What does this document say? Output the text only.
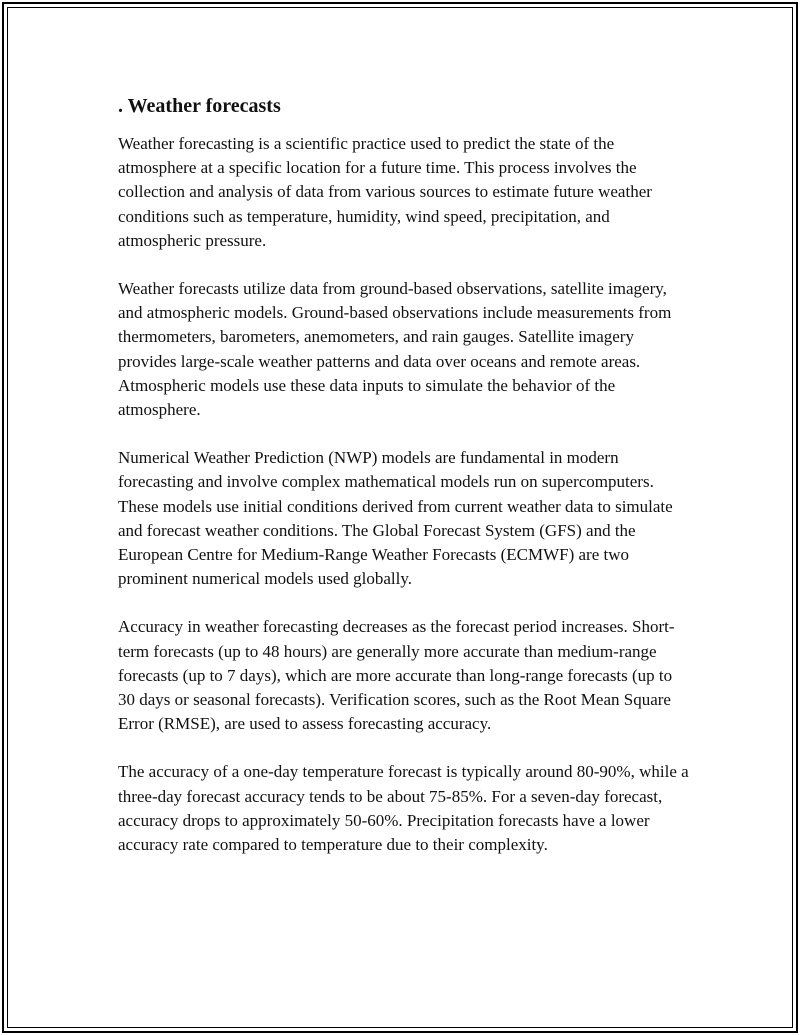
. Weather forecasts

Weather forecasting is a scientific practice used to predict the state of the atmosphere at a specific location for a future time. This process involves the collection and analysis of data from various sources to estimate future weather conditions such as temperature, humidity, wind speed, precipitation, and atmospheric pressure.

Weather forecasts utilize data from ground-based observations, satellite imagery, and atmospheric models. Ground-based observations include measurements from thermometers, barometers, anemometers, and rain gauges. Satellite imagery provides large-scale weather patterns and data over oceans and remote areas. Atmospheric models use these data inputs to simulate the behavior of the atmosphere.

Numerical Weather Prediction (NWP) models are fundamental in modern forecasting and involve complex mathematical models run on supercomputers. These models use initial conditions derived from current weather data to simulate and forecast weather conditions. The Global Forecast System (GFS) and the European Centre for Medium-Range Weather Forecasts (ECMWF) are two prominent numerical models used globally.

Accuracy in weather forecasting decreases as the forecast period increases. Short-term forecasts (up to 48 hours) are generally more accurate than medium-range forecasts (up to 7 days), which are more accurate than long-range forecasts (up to 30 days or seasonal forecasts). Verification scores, such as the Root Mean Square Error (RMSE), are used to assess forecasting accuracy.

The accuracy of a one-day temperature forecast is typically around 80-90%, while a three-day forecast accuracy tends to be about 75-85%. For a seven-day forecast, accuracy drops to approximately 50-60%. Precipitation forecasts have a lower accuracy rate compared to temperature due to their complexity.
